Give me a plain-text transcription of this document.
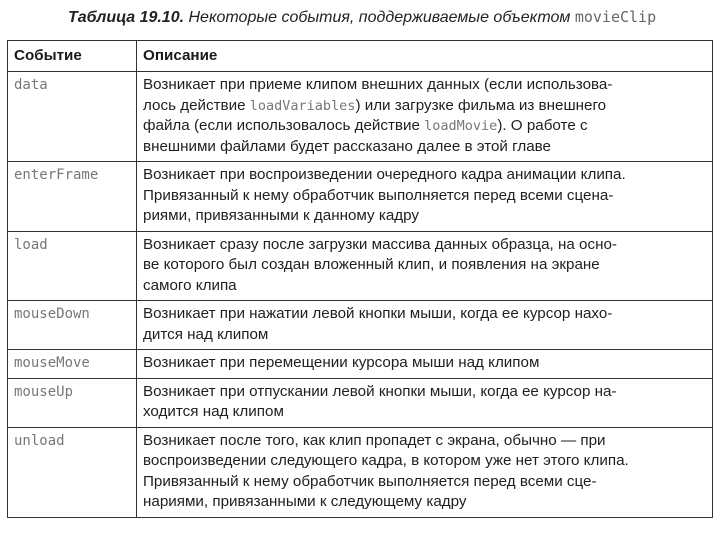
Таблица 19.10. Некоторые события, поддерживаемые объектом movieClip
Событие	Описание
data	Возникает при приеме клипом внешних данных (если использова-
лось действие loadVariables) или загрузке фильма из внешнего
файла (если использовалось действие loadMovie). О работе с
внешними файлами будет рассказано далее в этой главе

enterFrame	Возникает при воспроизведении очередного кадра анимации клипа.
Привязанный к нему обработчик выполняется перед всеми сцена-
риями, привязанными к данному кадру

load	Возникает сразу после загрузки массива данных образца, на осно-
ве которого был создан вложенный клип, и появления на экране
самого клипа

mouseDown	Возникает при нажатии левой кнопки мыши, когда ее курсор нахо-
дится над клипом

mouseMove	Возникает при перемещении курсора мыши над клипом

mouseUp	Возникает при отпускании левой кнопки мыши, когда ее курсор на-
ходится над клипом

unload	Возникает после того, как клип пропадет с экрана, обычно — при
воспроизведении следующего кадра, в котором уже нет этого клипа.
Привязанный к нему обработчик выполняется перед всеми сце-
нариями, привязанными к следующему кадру
